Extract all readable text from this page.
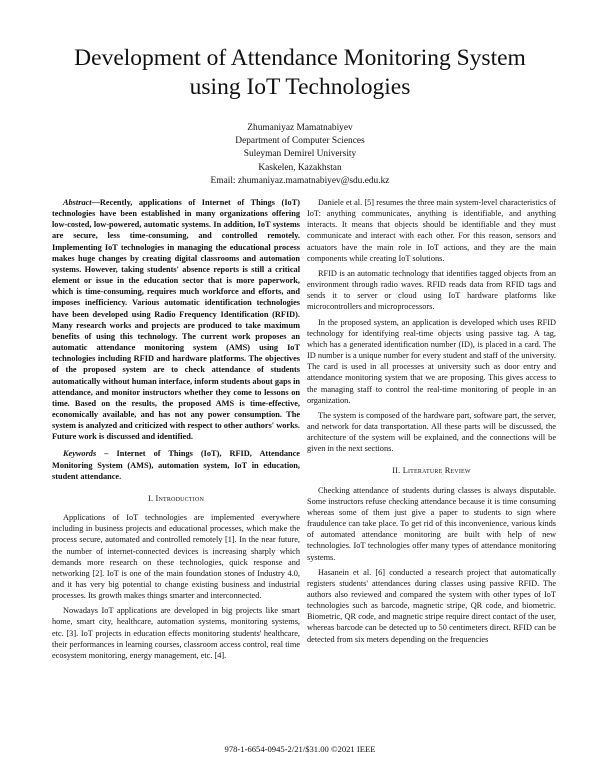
Development of Attendance Monitoring System
using IoT Technologies
Zhumaniyaz Mamatnabiyev
Department of Computer Sciences
Suleyman Demirel University
Kaskelen, Kazakhstan
Email: zhumaniyaz.mamatnabiyev@sdu.edu.kz

Abstract—Recently, applications of Internet of Things (IoT) technologies have been established in many organizations offering low-costed, low-powered, automatic systems. In addition, IoT systems are secure, less time-consuming, and controlled remotely. Implementing IoT technologies in managing the educational process makes huge changes by creating digital classrooms and automation systems. However, taking students' absence reports is still a critical element or issue in the education sector that is more paperwork, which is time-consuming, requires much workforce and efforts, and imposes inefficiency. Various automatic identification technologies have been developed using Radio Frequency Identification (RFID). Many research works and projects are produced to take maximum benefits of using this technology. The current work proposes an automatic attendance monitoring system (AMS) using IoT technologies including RFID and hardware platforms. The objectives of the proposed system are to check attendance of students automatically without human interface, inform students about gaps in attendance, and monitor instructors whether they come to lessons on time. Based on the results, the proposed AMS is time-effective, economically available, and has not any power consumption. The system is analyzed and criticized with respect to other authors' works. Future work is discussed and identified.

Keywords – Internet of Things (IoT), RFID, Attendance Monitoring System (AMS), automation system, IoT in education, student attendance.

I. Introduction

Applications of IoT technologies are implemented everywhere including in business projects and educational processes, which make the process secure, automated and controlled remotely [1]. In the near future, the number of internet-connected devices is increasing sharply which demands more research on these technologies, quick response and networking [2]. IoT is one of the main foundation stones of Industry 4.0, and it has very big potential to change existing business and industrial processes. Its growth makes things smarter and interconnected.

Nowadays IoT applications are developed in big projects like smart home, smart city, healthcare, automation systems, monitoring systems, etc. [3]. IoT projects in education effects monitoring students' healthcare, their performances in learning courses, classroom access control, real time ecosystem monitoring, energy management, etc. [4].

Daniele et al. [5] resumes the three main system-level characteristics of IoT: anything communicates, anything is identifiable, and anything interacts. It means that objects should be identifiable and they must communicate and interact with each other. For this reason, sensors and actuators have the main role in IoT actions, and they are the main components while creating IoT solutions.

RFID is an automatic technology that identifies tagged objects from an environment through radio waves. RFID reads data from RFID tags and sends it to server or cloud using IoT hardware platforms like microcontrollers and microprocessors.

In the proposed system, an application is developed which uses RFID technology for identifying real-time objects using passive tag. A tag, which has a generated identification number (ID), is placed in a card. The ID number is a unique number for every student and staff of the university. The card is used in all processes at university such as door entry and attendance monitoring system that we are proposing. This gives access to the managing staff to control the real-time monitoring of people in an organization.

The system is composed of the hardware part, software part, the server, and network for data transportation. All these parts will be discussed, the architecture of the system will be explained, and the connections will be given in the next sections.

II. Literature Review

Checking attendance of students during classes is always disputable. Some instructors refuse checking attendance because it is time consuming whereas some of them just give a paper to students to sign where fraudulence can take place. To get rid of this inconvenience, various kinds of automated attendance monitoring are built with help of new technologies. IoT technologies offer many types of attendance monitoring systems.

Hasanein et al. [6] conducted a research project that automatically registers students' attendances during classes using passive RFID. The authors also reviewed and compared the system with other types of IoT technologies such as barcode, magnetic stripe, QR code, and biometric. Biometric, QR code, and magnetic stripe require direct contact of the user, whereas barcode can be detected up to 50 centimeters direct. RFID can be detected from six meters depending on the frequencies

978-1-6654-0945-2/21/$31.00 ©2021 IEEE
